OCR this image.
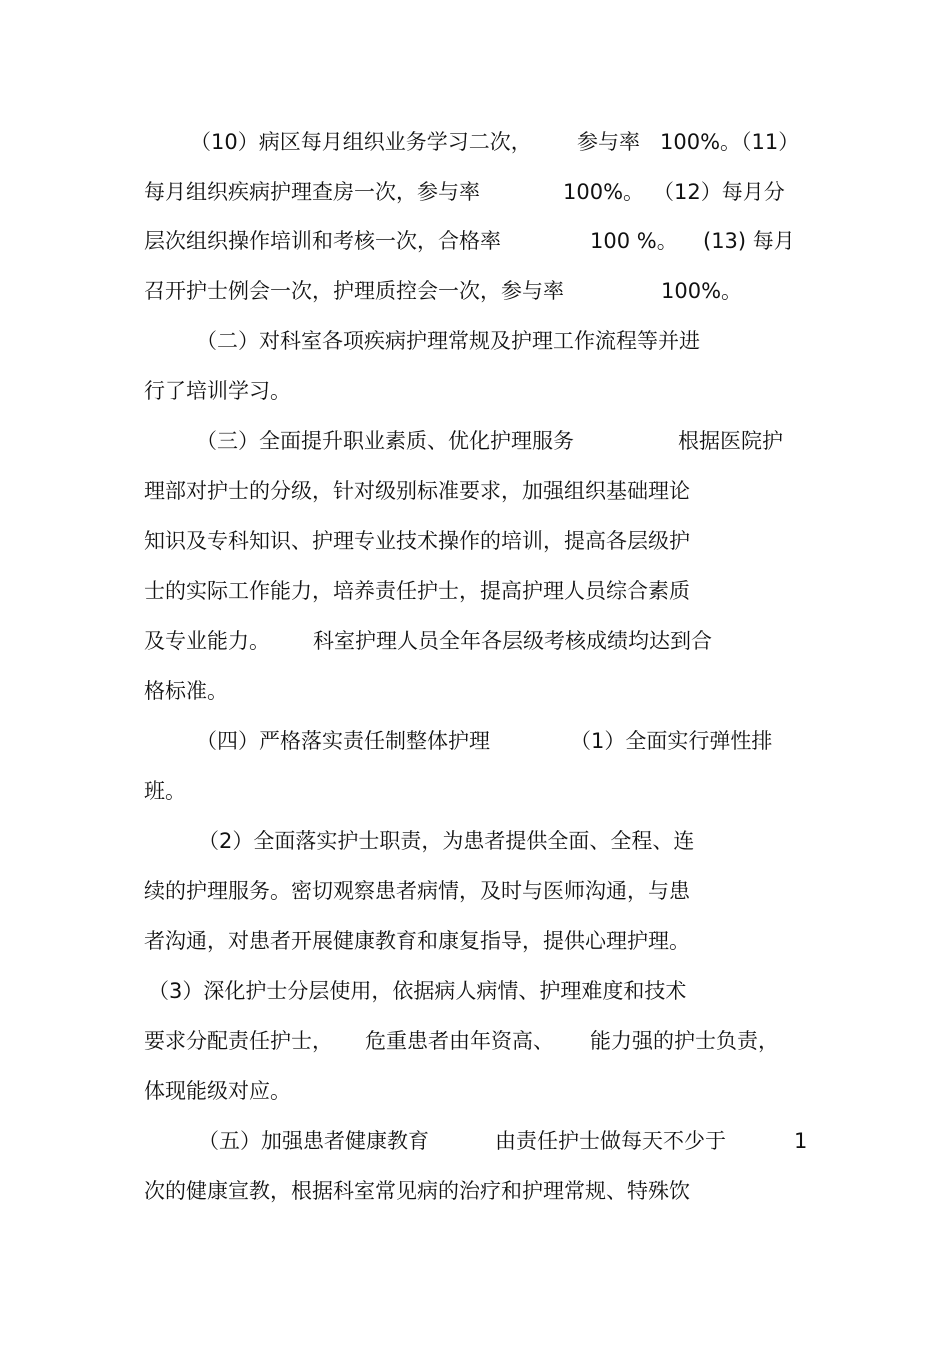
（10）病区每月组织业务学习二次，

参与率

100%。（11）

每月组织疾病护理查房一次，参与率

	100%。

（12）每月分

层次组织操作培训和考核一次，合格率

	100 %。

(13) 每月

召开护士例会一次，护理质控会一次，参与率

	100%。

（二）对科室各项疾病护理常规及护理工作流程等并进

行了培训学习。

（三）全面提升职业素质、优化护理服务

	根据医院护

理部对护士的分级，针对级别标准要求，加强组织基础理论

知识及专科知识、护理专业技术操作的培训，提高各层级护

士的实际工作能力，培养责任护士，提高护理人员综合素质

及专业能力。

科室护理人员全年各层级考核成绩均达到合

格标准。

（四）严格落实责任制整体护理

	（1）全面实行弹性排

班。

（2）全面落实护士职责，为患者提供全面、全程、连

续的护理服务。密切观察患者病情，及时与医师沟通，与患

者沟通，对患者开展健康教育和康复指导，提供心理护理。

（3）深化护士分层使用，依据病人病情、护理难度和技术

要求分配责任护士，

危重患者由年资高、

能力强的护士负责，

体现能级对应。

（五）加强患者健康教育

	由责任护士做每天不少于

	1

次的健康宣教，根据科室常见病的治疗和护理常规、特殊饮
